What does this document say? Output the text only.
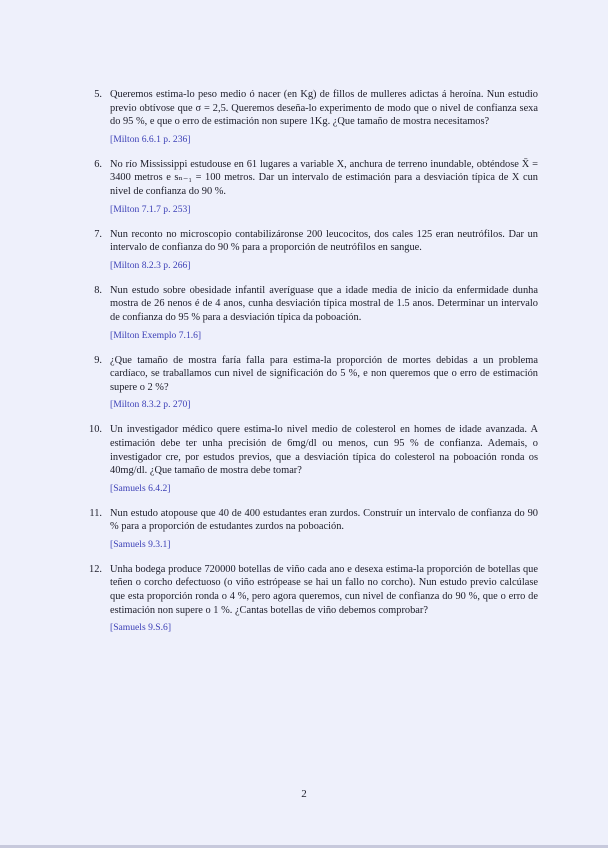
5. Queremos estima-lo peso medio ó nacer (en Kg) de fillos de mulleres adictas á heroína. Nun estudio previo obtívose que σ = 2,5. Queremos deseña-lo experimento de modo que o nivel de confianza sexa do 95 %, e que o erro de estimación non supere 1Kg. ¿Que tamaño de mostra necesitamos?

[Milton 6.6.1 p. 236]

6. No río Mississippi estudouse en 61 lugares a variable X, anchura de terreno inundable, obténdose X̄ = 3400 metros e sₙ₋₁ = 100 metros. Dar un intervalo de estimación para a desviación típica de X cun nivel de confianza do 90 %.

[Milton 7.1.7 p. 253]

7. Nun reconto no microscopio contabilizáronse 200 leucocitos, dos cales 125 eran neutrófilos. Dar un intervalo de confianza do 90 % para a proporción de neutrófilos en sangue.

[Milton 8.2.3 p. 266]

8. Nun estudo sobre obesidade infantil averíguase que a idade media de inicio da enfermidade dunha mostra de 26 nenos é de 4 anos, cunha desviación típica mostral de 1.5 anos. Determinar un intervalo de confianza do 95 % para a desviación típica da poboación.

[Milton Exemplo 7.1.6]

9. ¿Que tamaño de mostra faría falla para estima-la proporción de mortes debidas a un problema cardíaco, se traballamos cun nivel de significación do 5 %, e non queremos que o erro de estimación supere o 2 %?

[Milton 8.3.2 p. 270]

10. Un investigador médico quere estima-lo nivel medio de colesterol en homes de idade avanzada. A estimación debe ter unha precisión de 6mg/dl ou menos, cun 95 % de confianza. Ademais, o investigador cre, por estudos previos, que a desviación típica do colesterol na poboación ronda os 40mg/dl. ¿Que tamaño de mostra debe tomar?

[Samuels 6.4.2]

11. Nun estudo atopouse que 40 de 400 estudantes eran zurdos. Construír un intervalo de confianza do 90 % para a proporción de estudantes zurdos na poboación.

[Samuels 9.3.1]

12. Unha bodega produce 720000 botellas de viño cada ano e desexa estima-la proporción de botellas que teñen o corcho defectuoso (o viño estrópease se hai un fallo no corcho). Nun estudo previo calcúlase que esta proporción ronda o 4 %, pero agora queremos, cun nivel de confianza do 90 %, que o erro de estimación non supere o 1 %. ¿Cantas botellas de viño debemos comprobar?

[Samuels 9.S.6]

2
